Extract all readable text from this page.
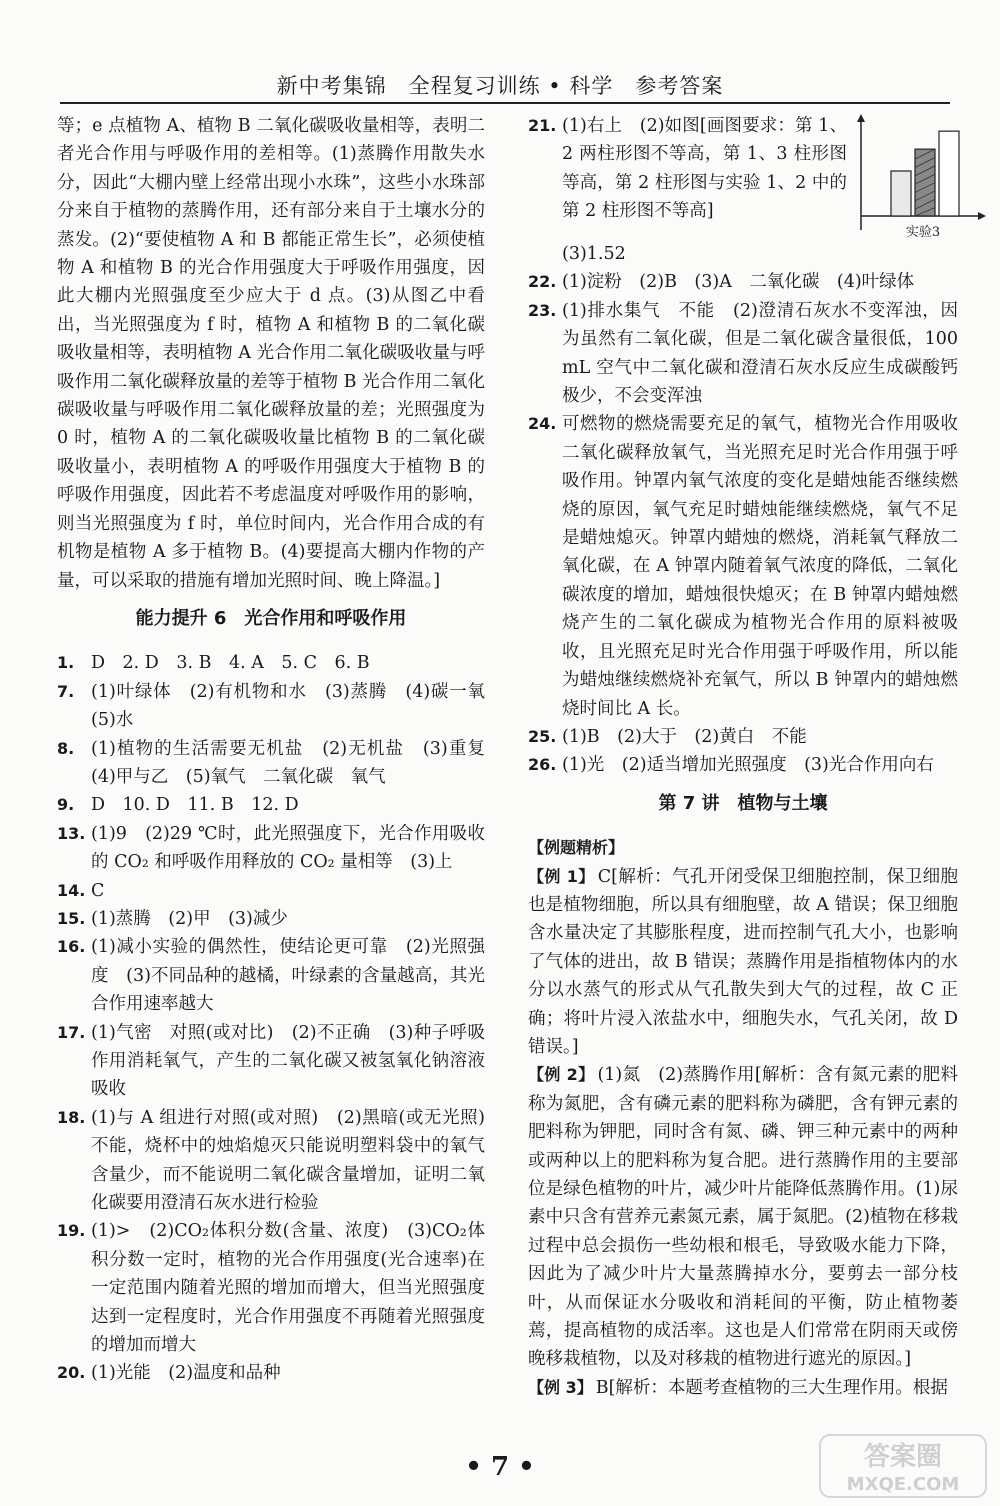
新中考集锦　全程复习训练 • 科学　参考答案

等；e 点植物 A、植物 B 二氧化碳吸收量相等，表明二者光合作用与呼吸作用的差相等。(1)蒸腾作用散失水分，因此“大棚内壁上经常出现小水珠”，这些小水珠部分来自于植物的蒸腾作用，还有部分来自于土壤水分的蒸发。(2)“要使植物 A 和 B 都能正常生长”，必须使植物 A 和植物 B 的光合作用强度大于呼吸作用强度，因此大棚内光照强度至少应大于 d 点。(3)从图乙中看出，当光照强度为 f 时，植物 A 和植物 B 的二氧化碳吸收量相等，表明植物 A 光合作用二氧化碳吸收量与呼吸作用二氧化碳释放量的差等于植物 B 光合作用二氧化碳吸收量与呼吸作用二氧化碳释放量的差；光照强度为 0 时，植物 A 的二氧化碳吸收量比植物 B 的二氧化碳吸收量小，表明植物 A 的呼吸作用强度大于植物 B 的呼吸作用强度，因此若不考虑温度对呼吸作用的影响，则当光照强度为 f 时，单位时间内，光合作用合成的有机物是植物 A 多于植物 B。(4)要提高大棚内作物的产量，可以采取的措施有增加光照时间、晚上降温。]

能力提升 6　光合作用和呼吸作用
1. D　2. D　3. B　4. A　5. C　6. B
7. (1)叶绿体　(2)有机物和水　(3)蒸腾　(4)碳一氧　(5)水
8. (1)植物的生活需要无机盐　(2)无机盐　(3)重复　(4)甲与乙　(5)氧气　二氧化碳　氧气
9. D　10. D　11. B　12. D
13. (1)9　(2)29 ℃时，此光照强度下，光合作用吸收的 CO₂ 和呼吸作用释放的 CO₂ 量相等　(3)上
14. C
15. (1)蒸腾　(2)甲　(3)减少
16. (1)减小实验的偶然性，使结论更可靠　(2)光照强度　(3)不同品种的越橘，叶绿素的含量越高，其光合作用速率越大
17. (1)气密　对照(或对比)　(2)不正确　(3)种子呼吸作用消耗氧气，产生的二氧化碳又被氢氧化钠溶液吸收
18. (1)与 A 组进行对照(或对照)　(2)黑暗(或无光照)　不能，烧杯中的烛焰熄灭只能说明塑料袋中的氧气含量少，而不能说明二氧化碳含量增加，证明二氧化碳要用澄清石灰水进行检验
19. (1)>　(2)CO₂体积分数(含量、浓度)　(3)CO₂体积分数一定时，植物的光合作用强度(光合速率)在一定范围内随着光照的增加而增大，但当光照强度达到一定程度时，光合作用强度不再随着光照强度的增加而增大
20. (1)光能　(2)温度和品种
21. (1)右上　(2)如图[画图要求：第 1、2 两柱形图不等高，第 1、3 柱形图等高，第 2 柱形图与实验 1、2 中的第 2 柱形图不等高]
实验3
(3)1.52
22. (1)淀粉　(2)B　(3)A　二氧化碳　(4)叶绿体
23. (1)排水集气　不能　(2)澄清石灰水不变浑浊，因为虽然有二氧化碳，但是二氧化碳含量很低，100 mL 空气中二氧化碳和澄清石灰水反应生成碳酸钙极少，不会变浑浊
24. 可燃物的燃烧需要充足的氧气，植物光合作用吸收二氧化碳释放氧气，当光照充足时光合作用强于呼吸作用。钟罩内氧气浓度的变化是蜡烛能否继续燃烧的原因，氧气充足时蜡烛能继续燃烧，氧气不足是蜡烛熄灭。钟罩内蜡烛的燃烧，消耗氧气释放二氧化碳，在 A 钟罩内随着氧气浓度的降低，二氧化碳浓度的增加，蜡烛很快熄灭；在 B 钟罩内蜡烛燃烧产生的二氧化碳成为植物光合作用的原料被吸收，且光照充足时光合作用强于呼吸作用，所以能为蜡烛继续燃烧补充氧气，所以 B 钟罩内的蜡烛燃烧时间比 A 长。
25. (1)B　(2)大于　(2)黄白　不能
26. (1)光　(2)适当增加光照强度　(3)光合作用向右
第 7 讲　植物与土壤
【例题精析】

【例 1】 C[解析：气孔开闭受保卫细胞控制，保卫细胞也是植物细胞，所以具有细胞壁，故 A 错误；保卫细胞含水量决定了其膨胀程度，进而控制气孔大小，也影响了气体的进出，故 B 错误；蒸腾作用是指植物体内的水分以水蒸气的形式从气孔散失到大气的过程，故 C 正确；将叶片浸入浓盐水中，细胞失水，气孔关闭，故 D 错误。]

【例 2】 (1)氮　(2)蒸腾作用[解析：含有氮元素的肥料称为氮肥，含有磷元素的肥料称为磷肥，含有钾元素的肥料称为钾肥，同时含有氮、磷、钾三种元素中的两种或两种以上的肥料称为复合肥。进行蒸腾作用的主要部位是绿色植物的叶片，减少叶片能降低蒸腾作用。(1)尿素中只含有营养元素氮元素，属于氮肥。(2)植物在移栽过程中总会损伤一些幼根和根毛，导致吸水能力下降，因此为了减少叶片大量蒸腾掉水分，要剪去一部分枝叶，从而保证水分吸收和消耗间的平衡，防止植物萎蔫，提高植物的成活率。这也是人们常常在阴雨天或傍晚移栽植物，以及对移栽的植物进行遮光的原因。]

【例 3】 B[解析：本题考查植物的三大生理作用。根据

• 7 •	答案圈
MXQE.COM
